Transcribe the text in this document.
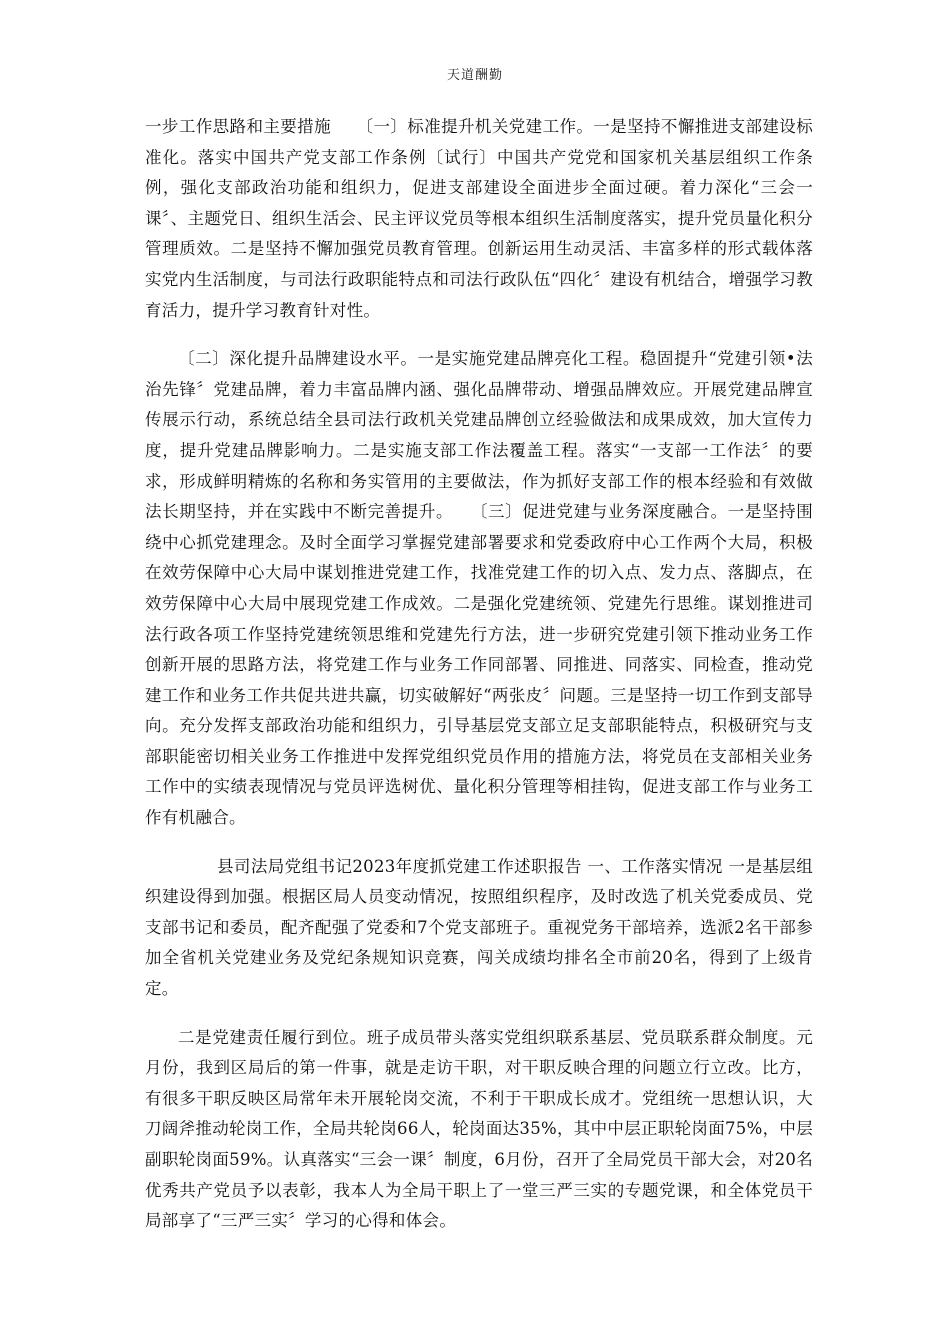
天道酬勤

一步工作思路和主要措施　　〔一〕标准提升机关党建工作。一是坚持不懈推进支部建设标准化。落实中国共产党支部工作条例〔试行〕中国共产党党和国家机关基层组织工作条例，强化支部政治功能和组织力，促进支部建设全面进步全面过硬。着力深化“三会一课〞、主题党日、组织生活会、民主评议党员等根本组织生活制度落实，提升党员量化积分管理质效。二是坚持不懈加强党员教育管理。创新运用生动灵活、丰富多样的形式载体落实党内生活制度，与司法行政职能特点和司法行政队伍“四化〞建设有机结合，增强学习教育活力，提升学习教育针对性。

〔二〕深化提升品牌建设水平。一是实施党建品牌亮化工程。稳固提升“党建引领•法治先锋〞党建品牌，着力丰富品牌内涵、强化品牌带动、增强品牌效应。开展党建品牌宣传展示行动，系统总结全县司法行政机关党建品牌创立经验做法和成果成效，加大宣传力度，提升党建品牌影响力。二是实施支部工作法覆盖工程。落实“一支部一工作法〞的要求，形成鲜明精炼的名称和务实管用的主要做法，作为抓好支部工作的根本经验和有效做法长期坚持，并在实践中不断完善提升。　　〔三〕促进党建与业务深度融合。一是坚持围绕中心抓党建理念。及时全面学习掌握党建部署要求和党委政府中心工作两个大局，积极在效劳保障中心大局中谋划推进党建工作，找准党建工作的切入点、发力点、落脚点，在效劳保障中心大局中展现党建工作成效。二是强化党建统领、党建先行思维。谋划推进司法行政各项工作坚持党建统领思维和党建先行方法，进一步研究党建引领下推动业务工作创新开展的思路方法，将党建工作与业务工作同部署、同推进、同落实、同检查，推动党建工作和业务工作共促共进共赢，切实破解好“两张皮〞问题。三是坚持一切工作到支部导向。充分发挥支部政治功能和组织力，引导基层党支部立足支部职能特点，积极研究与支部职能密切相关业务工作推进中发挥党组织党员作用的措施方法，将党员在支部相关业务工作中的实绩表现情况与党员评选树优、量化积分管理等相挂钩，促进支部工作与业务工作有机融合。

县司法局党组书记2023年度抓党建工作述职报告 一、工作落实情况 一是基层组织建设得到加强。根据区局人员变动情况，按照组织程序，及时改选了机关党委成员、党支部书记和委员，配齐配强了党委和7个党支部班子。重视党务干部培养，选派2名干部参加全省机关党建业务及党纪条规知识竞赛，闯关成绩均排名全市前20名，得到了上级肯定。

二是党建责任履行到位。班子成员带头落实党组织联系基层、党员联系群众制度。元月份，我到区局后的第一件事，就是走访干职，对干职反映合理的问题立行立改。比方，有很多干职反映区局常年未开展轮岗交流，不利于干职成长成才。党组统一思想认识，大刀阔斧推动轮岗工作，全局共轮岗66人，轮岗面达35%，其中中层正职轮岗面75%，中层副职轮岗面59%。认真落实“三会一课〞制度，6月份，召开了全局党员干部大会，对20名优秀共产党员予以表彰，我本人为全局干职上了一堂三严三实的专题党课，和全体党员干局部享了“三严三实〞学习的心得和体会。
